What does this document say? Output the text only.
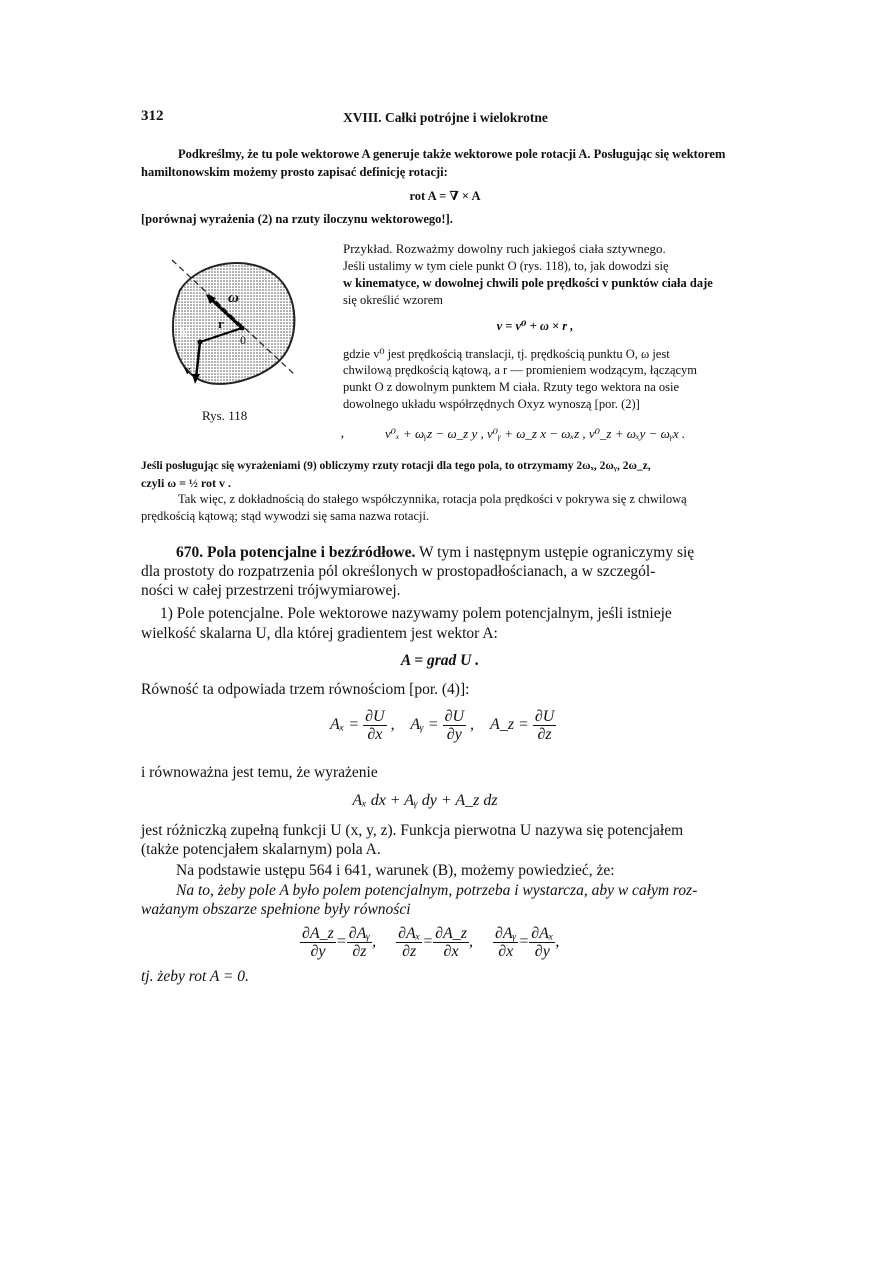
312	XVIII. Całki potrójne i wielokrotne
Podkreślmy, że tu pole wektorowe A generuje także wektorowe pole rotacji A. Posługując się wektorem
hamiltonowskim możemy prosto zapisać definicję rotacji:
rot A = ∇ × A
[porównaj wyrażenia (2) na rzuty iloczynu wektorowego!].
ω
r
M
0
v
Rys. 118
Przykład. Rozważmy dowolny ruch jakiegoś ciała sztywnego.
Jeśli ustalimy w tym ciele punkt O (rys. 118), to, jak dowodzi się
w kinematyce, w dowolnej chwili pole prędkości v punktów ciała daje
się określić wzorem
v = v⁰ + ω × r ,
gdzie v⁰ jest prędkością translacji, tj. prędkością punktu O, ω jest
chwilową prędkością kątową, a r — promieniem wodzącym, łączącym
punkt O z dowolnym punktem M ciała. Rzuty tego wektora na osie
dowolnego układu współrzędnych Oxyz wynoszą [por. (2)]
‚	v⁰ₓ + ωᵧz − ω_z y , v⁰ᵧ + ω_z x − ωₓz , v⁰_z + ωₓy − ωᵧx .
Jeśli posługując się wyrażeniami (9) obliczymy rzuty rotacji dla tego pola, to otrzymamy 2ωₓ, 2ωᵧ, 2ω_z,
czyli ω = ½ rot v .
Tak więc, z dokładnością do stałego współczynnika, rotacja pola prędkości v pokrywa się z chwilową
prędkością kątową; stąd wywodzi się sama nazwa rotacji.
670. Pola potencjalne i bezźródłowe. W tym i następnym ustępie ograniczymy się
dla prostoty do rozpatrzenia pól określonych w prostopadłościanach, a w szczegól-
ności w całej przestrzeni trójwymiarowej.
1) Pole potencjalne. Pole wektorowe nazywamy polem potencjalnym, jeśli istnieje
wielkość skalarna U, dla której gradientem jest wektor A:
A = grad U .
Równość ta odpowiada trzem równościom [por. (4)]:
$A_x = \frac{\partial U}{\partial x}$ , Aᵧ = $\frac{\partial U}{\partial y}$ , A_z = $\frac{\partial U}{\partial z}$
i równoważna jest temu, że wyrażenie
Aₓ dx + Aᵧ dy + A_z dz
jest różniczką zupełną funkcji U (x, y, z). Funkcja pierwotna U nazywa się potencjałem
(także potencjałem skalarnym) pola A.
Na podstawie ustępu 564 i 641, warunek (B), możemy powiedzieć, że:
Na to, żeby pole A było polem potencjalnym, potrzeba i wystarcza, aby w całym roz-
ważanym obszarze spełnione były równości
$\frac{\partial A\_z}{\partial y} = \frac{\text{∂Aᵧ}}{\partial z}$ , $\frac{\text{∂Aₓ}}{\partial z} = \frac{\partial A\_z}{\partial x}$ , $\frac{\text{∂Aᵧ}}{\partial x} = \frac{\text{∂Aₓ}}{\partial y}$ ,
tj. żeby rot A = 0.
